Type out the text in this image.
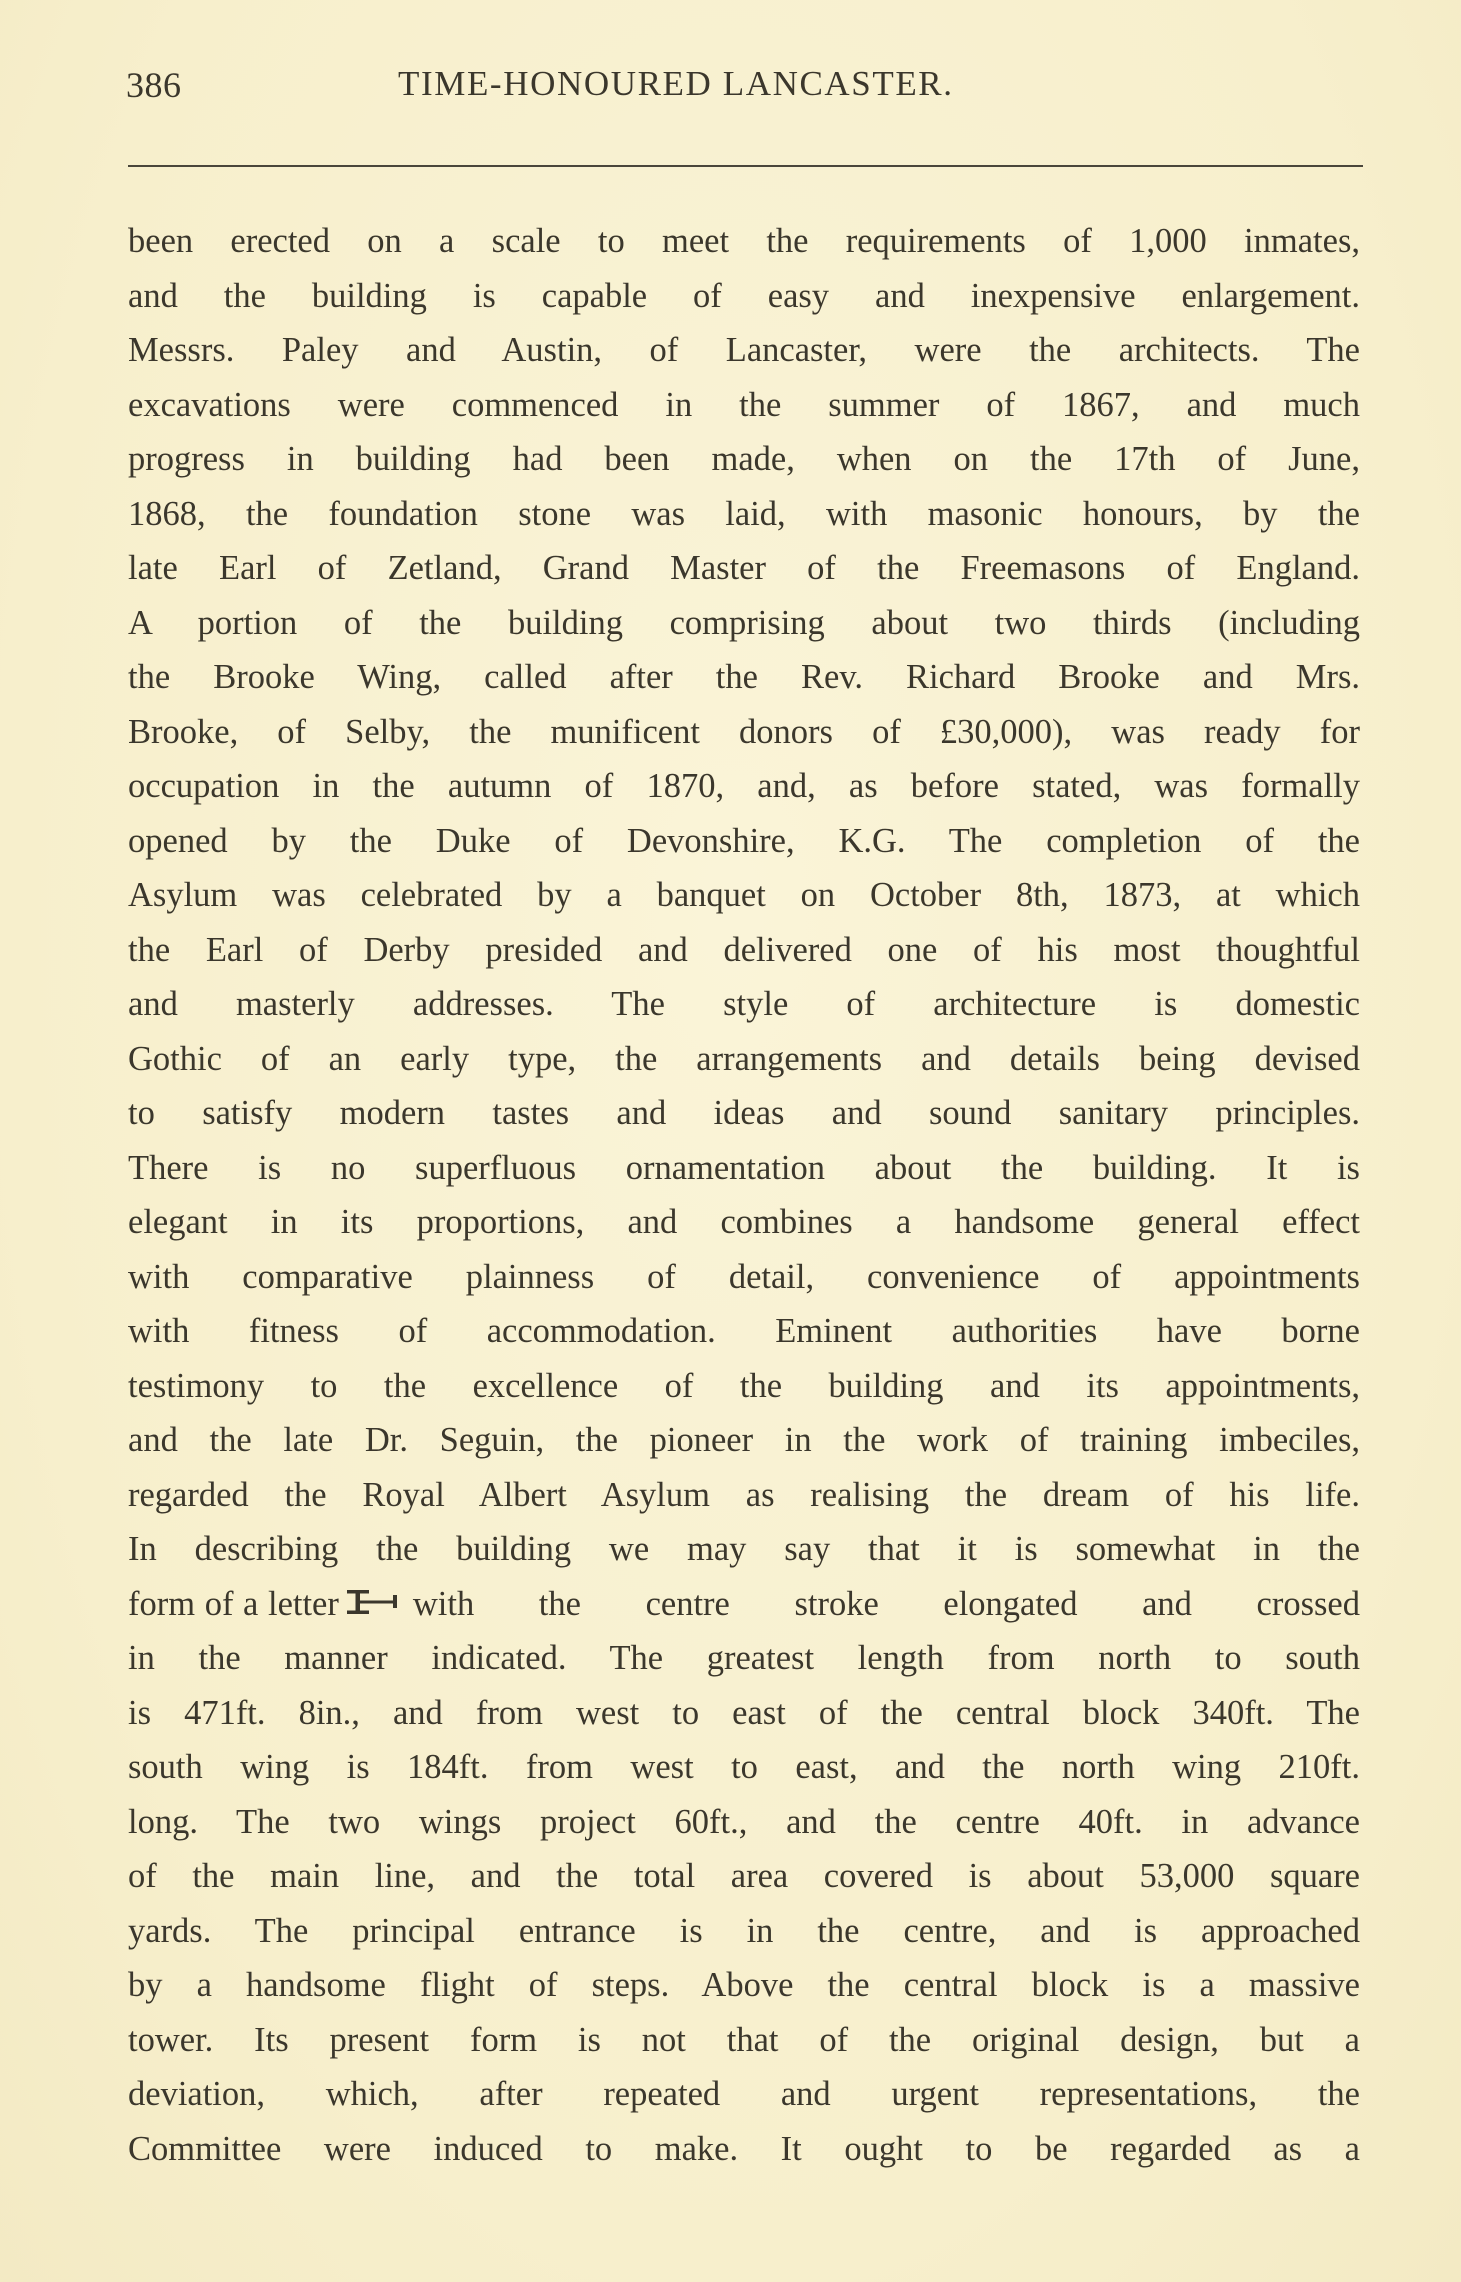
386	TIME-HONOURED LANCASTER.
been erected on a scale to meet the requirements of 1,000 inmates,
and the building is capable of easy and inexpensive enlargement.
Messrs. Paley and Austin, of Lancaster, were the architects. The
excavations were commenced in the summer of 1867, and much
progress in building had been made, when on the 17th of June,
1868, the foundation stone was laid, with masonic honours, by the
late Earl of Zetland, Grand Master of the Freemasons of England.
A portion of the building comprising about two thirds (including
the Brooke Wing, called after the Rev. Richard Brooke and Mrs.
Brooke, of Selby, the munificent donors of £30,000), was ready for
occupation in the autumn of 1870, and, as before stated, was formally
opened by the Duke of Devonshire, K.G. The completion of the
Asylum was celebrated by a banquet on October 8th, 1873, at which
the Earl of Derby presided and delivered one of his most thoughtful
and masterly addresses. The style of architecture is domestic
Gothic of an early type, the arrangements and details being devised
to satisfy modern tastes and ideas and sound sanitary principles.
There is no superfluous ornamentation about the building. It is
elegant in its proportions, and combines a handsome general effect
with comparative plainness of detail, convenience of appointments
with fitness of accommodation. Eminent authorities have borne
testimony to the excellence of the building and its appointments,
and the late Dr. Seguin, the pioneer in the work of training imbeciles,
regarded the Royal Albert Asylum as realising the dream of his life.
In describing the building we may say that it is somewhat in the
form of a letter with the centre stroke elongated and crossed
in the manner indicated. The greatest length from north to south
is 471ft. 8in., and from west to east of the central block 340ft. The
south wing is 184ft. from west to east, and the north wing 210ft.
long. The two wings project 60ft., and the centre 40ft. in advance
of the main line, and the total area covered is about 53,000 square
yards. The principal entrance is in the centre, and is approached
by a handsome flight of steps. Above the central block is a massive
tower. Its present form is not that of the original design, but a
deviation, which, after repeated and urgent representations, the
Committee were induced to make. It ought to be regarded as a
